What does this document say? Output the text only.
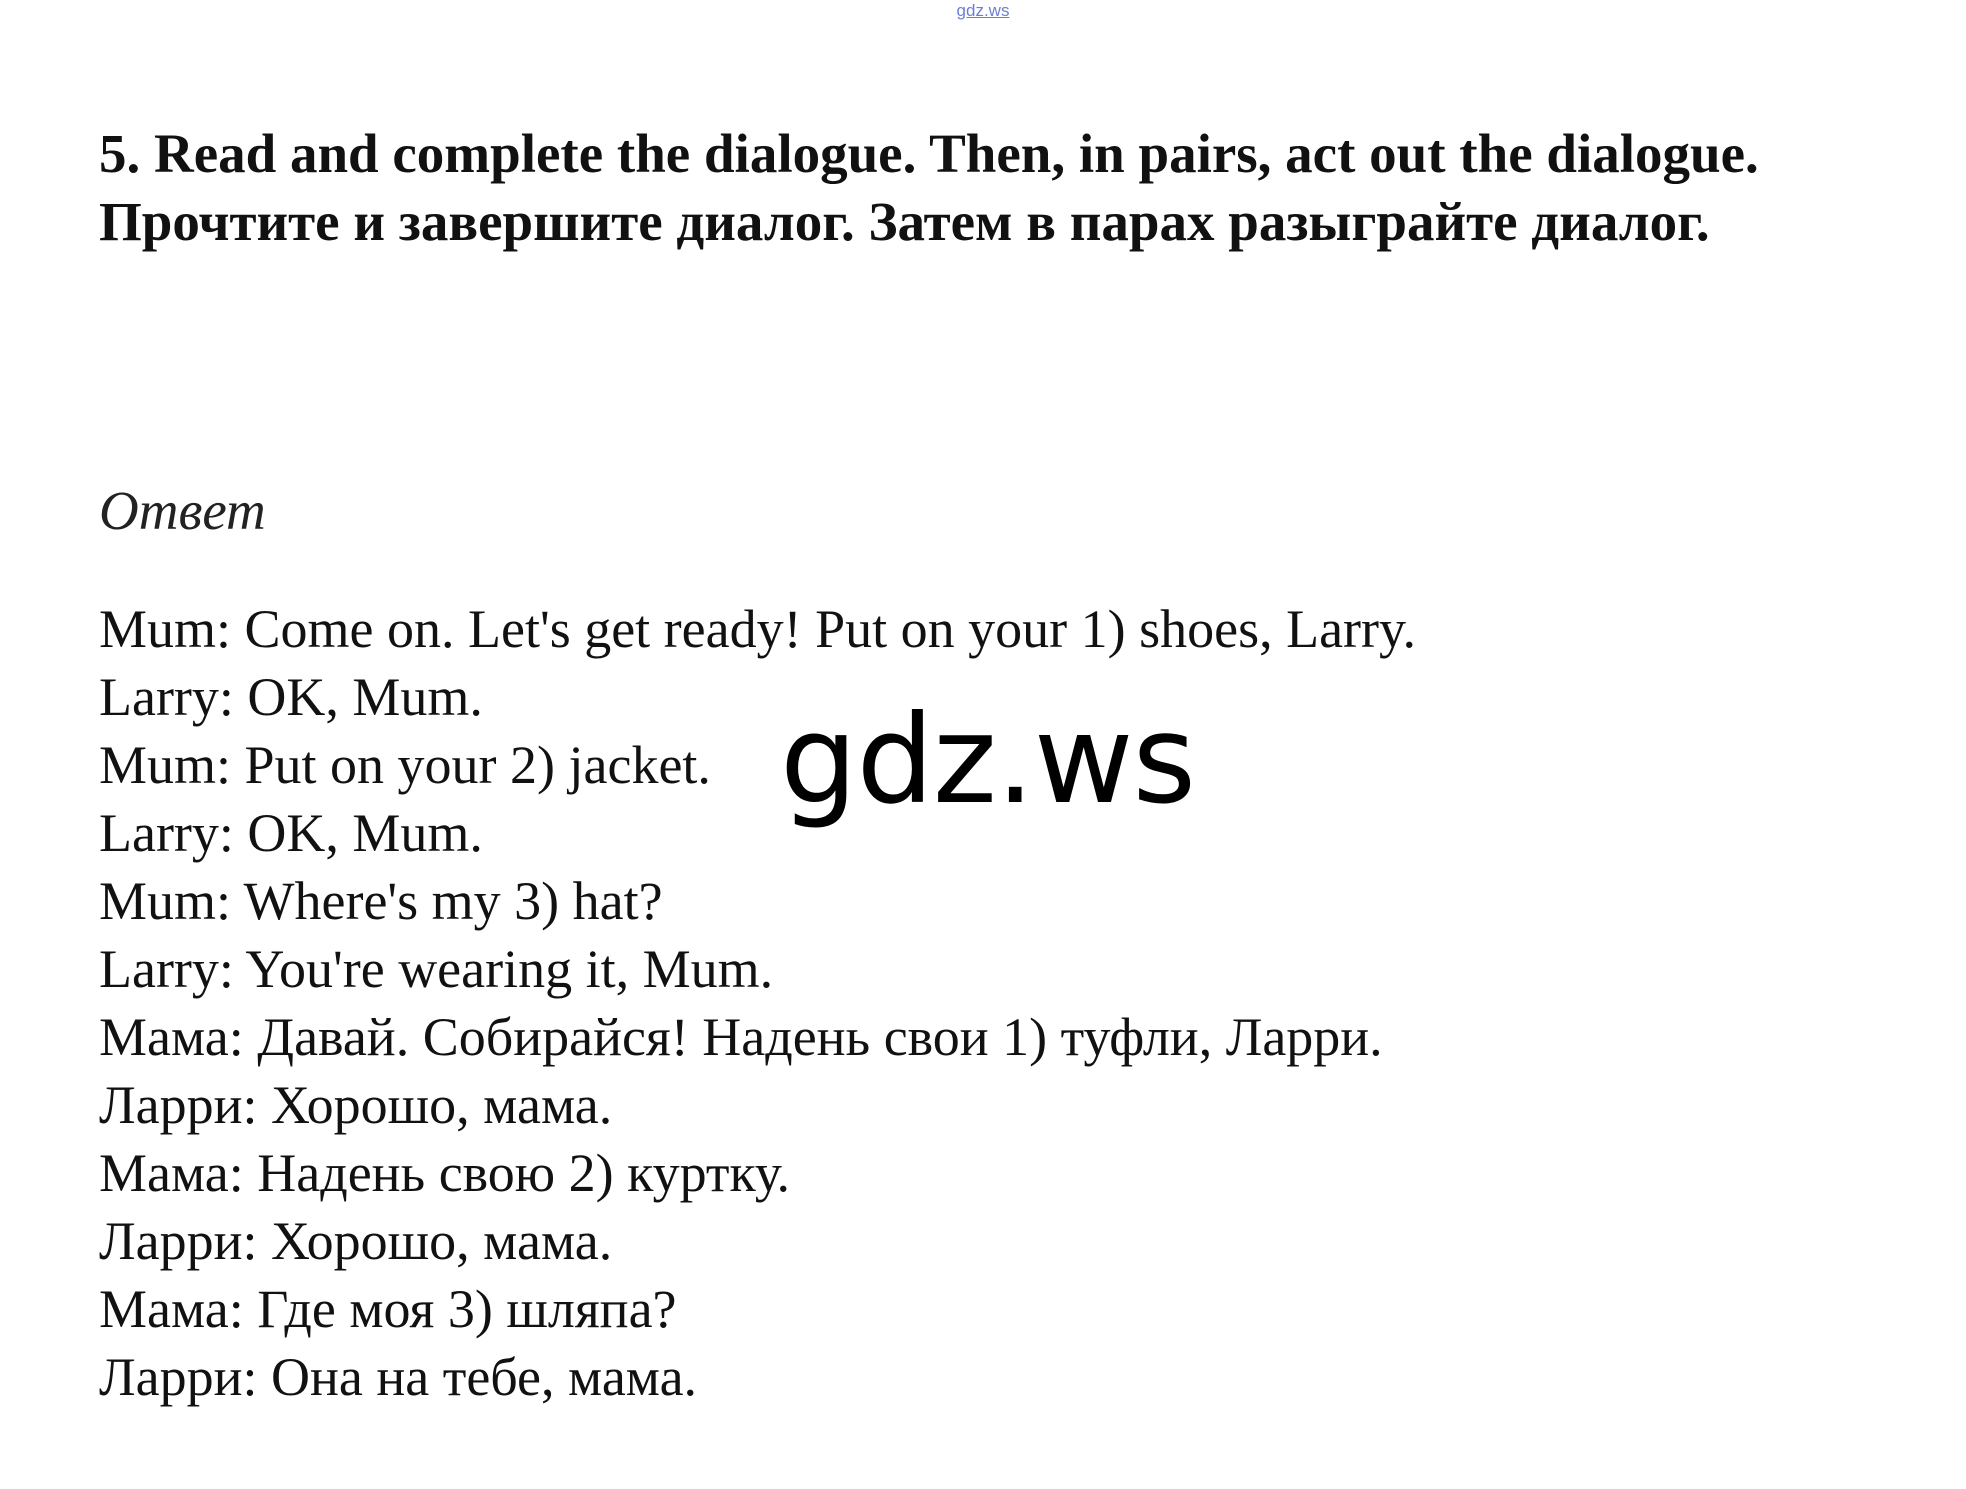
gdz.ws
5. Read and complete the dialogue. Then, in pairs, act out the dialogue. Прочтите и завершите диалог. Затем в парах разыграйте диалог.
Ответ
Mum: Come on. Let's get ready! Put on your 1) shoes, Larry.
Larry: OK, Mum.
Mum: Put on your 2) jacket.
Larry: OK, Mum.
Mum: Where's my 3) hat?
Larry: You're wearing it, Mum.
Мама: Давай. Собирайся! Надень свои 1) туфли, Ларри.
Ларри: Хорошо, мама.
Мама: Надень свою 2) куртку.
Ларри: Хорошо, мама.
Мама: Где моя 3) шляпа?
Ларри: Она на тебе, мама.
gdz.ws
